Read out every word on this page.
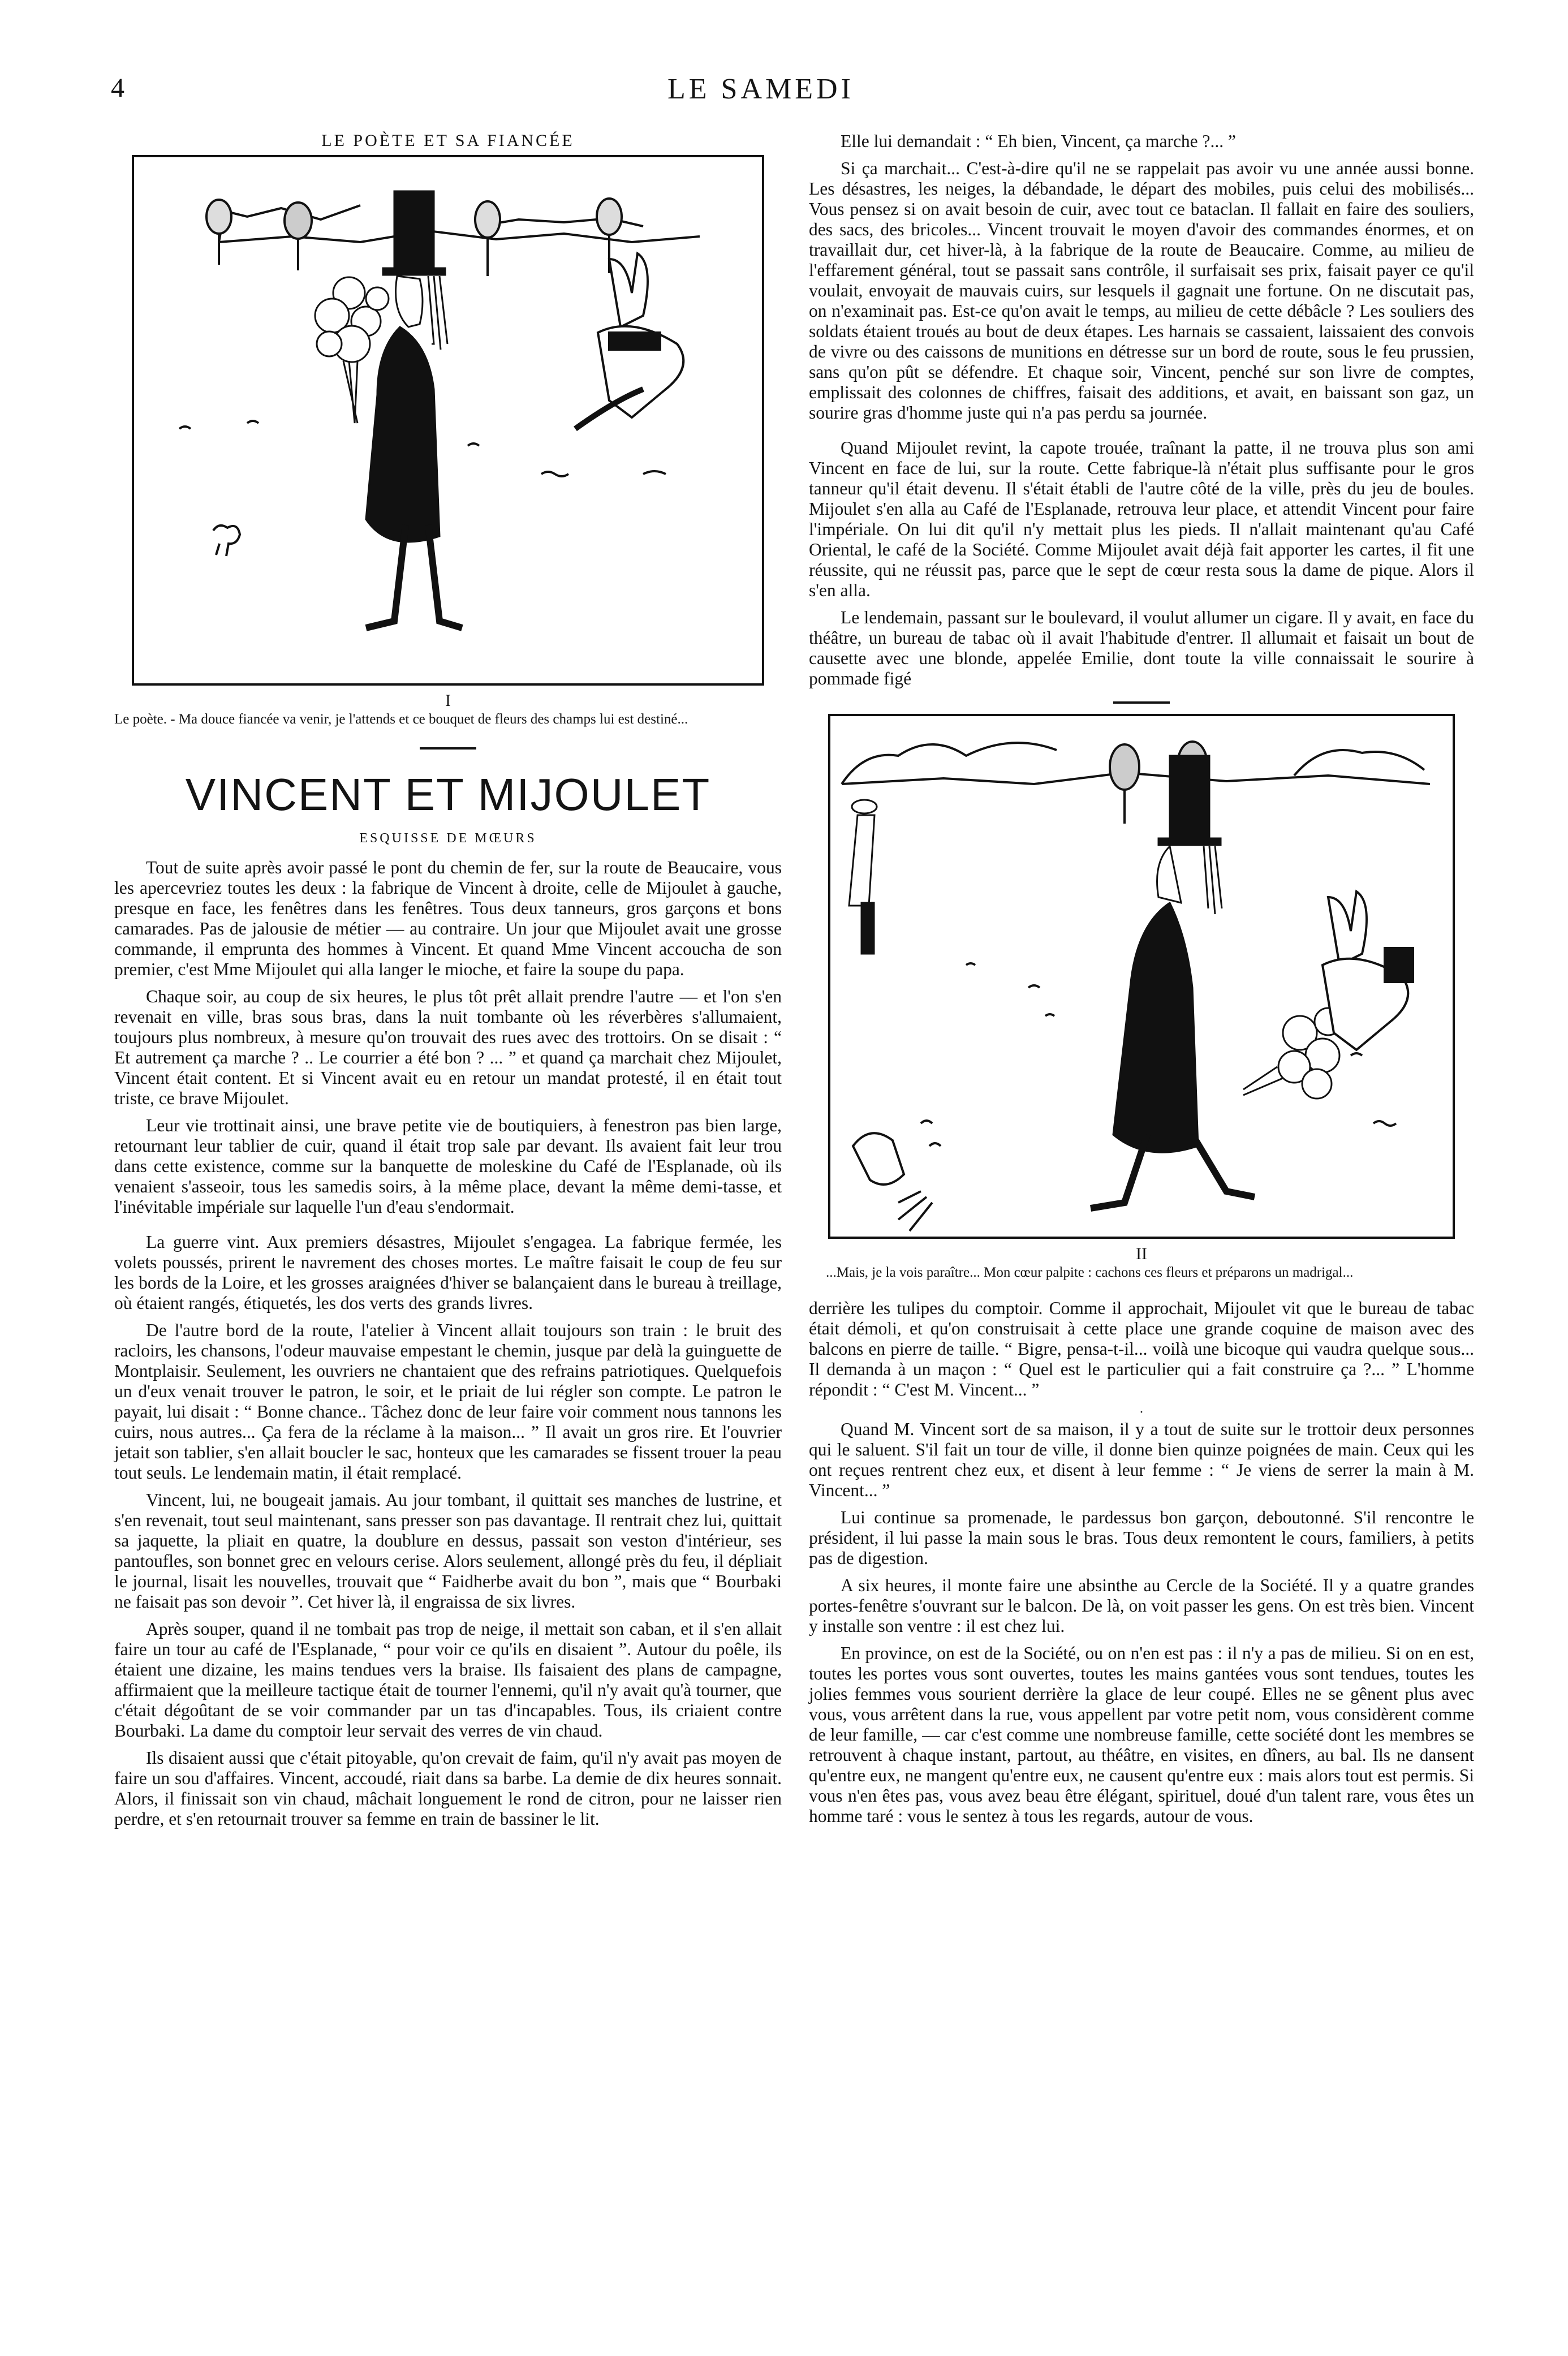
4	LE SAMEDI
LE POÈTE ET SA FIANCÉE
I
Le poète. - Ma douce fiancée va venir, je l'attends et ce bouquet de fleurs des champs lui est destiné...
VINCENT ET MIJOULET
ESQUISSE DE MŒURS

Tout de suite après avoir passé le pont du chemin de fer, sur la route de Beaucaire, vous les apercevriez toutes les deux : la fabrique de Vincent à droite, celle de Mijoulet à gauche, presque en face, les fenêtres dans les fenêtres. Tous deux tanneurs, gros garçons et bons camarades. Pas de jalousie de métier — au contraire. Un jour que Mijoulet avait une grosse commande, il emprunta des hommes à Vincent. Et quand Mme Vincent accoucha de son premier, c'est Mme Mijoulet qui alla langer le mioche, et faire la soupe du papa.

Chaque soir, au coup de six heures, le plus tôt prêt allait prendre l'autre — et l'on s'en revenait en ville, bras sous bras, dans la nuit tombante où les réverbères s'allumaient, toujours plus nombreux, à mesure qu'on trouvait des rues avec des trottoirs. On se disait : “ Et autrement ça marche ? .. Le courrier a été bon ? ... ” et quand ça marchait chez Mijoulet, Vincent était content. Et si Vincent avait eu en retour un mandat protesté, il en était tout triste, ce brave Mijoulet.

Leur vie trottinait ainsi, une brave petite vie de boutiquiers, à fenestron pas bien large, retournant leur tablier de cuir, quand il était trop sale par devant. Ils avaient fait leur trou dans cette existence, comme sur la banquette de moleskine du Café de l'Esplanade, où ils venaient s'asseoir, tous les samedis soirs, à la même place, devant la même demi-tasse, et l'inévitable impériale sur laquelle l'un d'eau s'endormait.

La guerre vint. Aux premiers désastres, Mijoulet s'engagea. La fabrique fermée, les volets poussés, prirent le navrement des choses mortes. Le maître faisait le coup de feu sur les bords de la Loire, et les grosses araignées d'hiver se balançaient dans le bureau à treillage, où étaient rangés, étiquetés, les dos verts des grands livres.

De l'autre bord de la route, l'atelier à Vincent allait toujours son train : le bruit des racloirs, les chansons, l'odeur mauvaise empestant le chemin, jusque par delà la guinguette de Montplaisir. Seulement, les ouvriers ne chantaient que des refrains patriotiques. Quelquefois un d'eux venait trouver le patron, le soir, et le priait de lui régler son compte. Le patron le payait, lui disait : “ Bonne chance.. Tâchez donc de leur faire voir comment nous tannons les cuirs, nous autres... Ça fera de la réclame à la maison... ” Il avait un gros rire. Et l'ouvrier jetait son tablier, s'en allait boucler le sac, honteux que les camarades se fissent trouer la peau tout seuls. Le lendemain matin, il était remplacé.

Vincent, lui, ne bougeait jamais. Au jour tombant, il quittait ses manches de lustrine, et s'en revenait, tout seul maintenant, sans presser son pas davantage. Il rentrait chez lui, quittait sa jaquette, la pliait en quatre, la doublure en dessus, passait son veston d'intérieur, ses pantoufles, son bonnet grec en velours cerise. Alors seulement, allongé près du feu, il dépliait le journal, lisait les nouvelles, trouvait que “ Faidherbe avait du bon ”, mais que “ Bourbaki ne faisait pas son devoir ”. Cet hiver là, il engraissa de six livres.

Après souper, quand il ne tombait pas trop de neige, il mettait son caban, et il s'en allait faire un tour au café de l'Esplanade, “ pour voir ce qu'ils en disaient ”. Autour du poêle, ils étaient une dizaine, les mains tendues vers la braise. Ils faisaient des plans de campagne, affirmaient que la meilleure tactique était de tourner l'ennemi, qu'il n'y avait qu'à tourner, que c'était dégoûtant de se voir commander par un tas d'incapables. Tous, ils criaient contre Bourbaki. La dame du comptoir leur servait des verres de vin chaud.

Ils disaient aussi que c'était pitoyable, qu'on crevait de faim, qu'il n'y avait pas moyen de faire un sou d'affaires. Vincent, accoudé, riait dans sa barbe. La demie de dix heures sonnait. Alors, il finissait son vin chaud, mâchait longuement le rond de citron, pour ne laisser rien perdre, et s'en retournait trouver sa femme en train de bassiner le lit.

Elle lui demandait : “ Eh bien, Vincent, ça marche ?... ”

Si ça marchait... C'est-à-dire qu'il ne se rappelait pas avoir vu une année aussi bonne. Les désastres, les neiges, la débandade, le départ des mobiles, puis celui des mobilisés... Vous pensez si on avait besoin de cuir, avec tout ce bataclan. Il fallait en faire des souliers, des sacs, des bricoles... Vincent trouvait le moyen d'avoir des commandes énormes, et on travaillait dur, cet hiver-là, à la fabrique de la route de Beaucaire. Comme, au milieu de l'effarement général, tout se passait sans contrôle, il surfaisait ses prix, faisait payer ce qu'il voulait, envoyait de mauvais cuirs, sur lesquels il gagnait une fortune. On ne discutait pas, on n'examinait pas. Est-ce qu'on avait le temps, au milieu de cette débâcle ? Les souliers des soldats étaient troués au bout de deux étapes. Les harnais se cassaient, laissaient des convois de vivre ou des caissons de munitions en détresse sur un bord de route, sous le feu prussien, sans qu'on pût se défendre. Et chaque soir, Vincent, penché sur son livre de comptes, emplissait des colonnes de chiffres, faisait des additions, et avait, en baissant son gaz, un sourire gras d'homme juste qui n'a pas perdu sa journée.

Quand Mijoulet revint, la capote trouée, traînant la patte, il ne trouva plus son ami Vincent en face de lui, sur la route. Cette fabrique-là n'était plus suffisante pour le gros tanneur qu'il était devenu. Il s'était établi de l'autre côté de la ville, près du jeu de boules. Mijoulet s'en alla au Café de l'Esplanade, retrouva leur place, et attendit Vincent pour faire l'impériale. On lui dit qu'il n'y mettait plus les pieds. Il n'allait maintenant qu'au Café Oriental, le café de la Société. Comme Mijoulet avait déjà fait apporter les cartes, il fit une réussite, qui ne réussit pas, parce que le sept de cœur resta sous la dame de pique. Alors il s'en alla.

Le lendemain, passant sur le boulevard, il voulut allumer un cigare. Il y avait, en face du théâtre, un bureau de tabac où il avait l'habitude d'entrer. Il allumait et faisait un bout de causette avec une blonde, appelée Emilie, dont toute la ville connaissait le sourire à pommade figé

II
...Mais, je la vois paraître... Mon cœur palpite : cachons ces fleurs et préparons un madrigal...

derrière les tulipes du comptoir. Comme il approchait, Mijoulet vit que le bureau de tabac était démoli, et qu'on construisait à cette place une grande coquine de maison avec des balcons en pierre de taille. “ Bigre, pensa-t-il... voilà une bicoque qui vaudra quelque sous... Il demanda à un maçon : “ Quel est le particulier qui a fait construire ça ?... ” L'homme répondit : “ C'est M. Vincent... ”

·

Quand M. Vincent sort de sa maison, il y a tout de suite sur le trottoir deux personnes qui le saluent. S'il fait un tour de ville, il donne bien quinze poignées de main. Ceux qui les ont reçues rentrent chez eux, et disent à leur femme : “ Je viens de serrer la main à M. Vincent... ”

Lui continue sa promenade, le pardessus bon garçon, deboutonné. S'il rencontre le président, il lui passe la main sous le bras. Tous deux remontent le cours, familiers, à petits pas de digestion.

A six heures, il monte faire une absinthe au Cercle de la Société. Il y a quatre grandes portes-fenêtre s'ouvrant sur le balcon. De là, on voit passer les gens. On est très bien. Vincent y installe son ventre : il est chez lui.

En province, on est de la Société, ou on n'en est pas : il n'y a pas de milieu. Si on en est, toutes les portes vous sont ouvertes, toutes les mains gantées vous sont tendues, toutes les jolies femmes vous sourient derrière la glace de leur coupé. Elles ne se gênent plus avec vous, vous arrêtent dans la rue, vous appellent par votre petit nom, vous considèrent comme de leur famille, — car c'est comme une nombreuse famille, cette société dont les membres se retrouvent à chaque instant, partout, au théâtre, en visites, en dîners, au bal. Ils ne dansent qu'entre eux, ne mangent qu'entre eux, ne causent qu'entre eux : mais alors tout est permis. Si vous n'en êtes pas, vous avez beau être élégant, spirituel, doué d'un talent rare, vous êtes un homme taré : vous le sentez à tous les regards, autour de vous.
